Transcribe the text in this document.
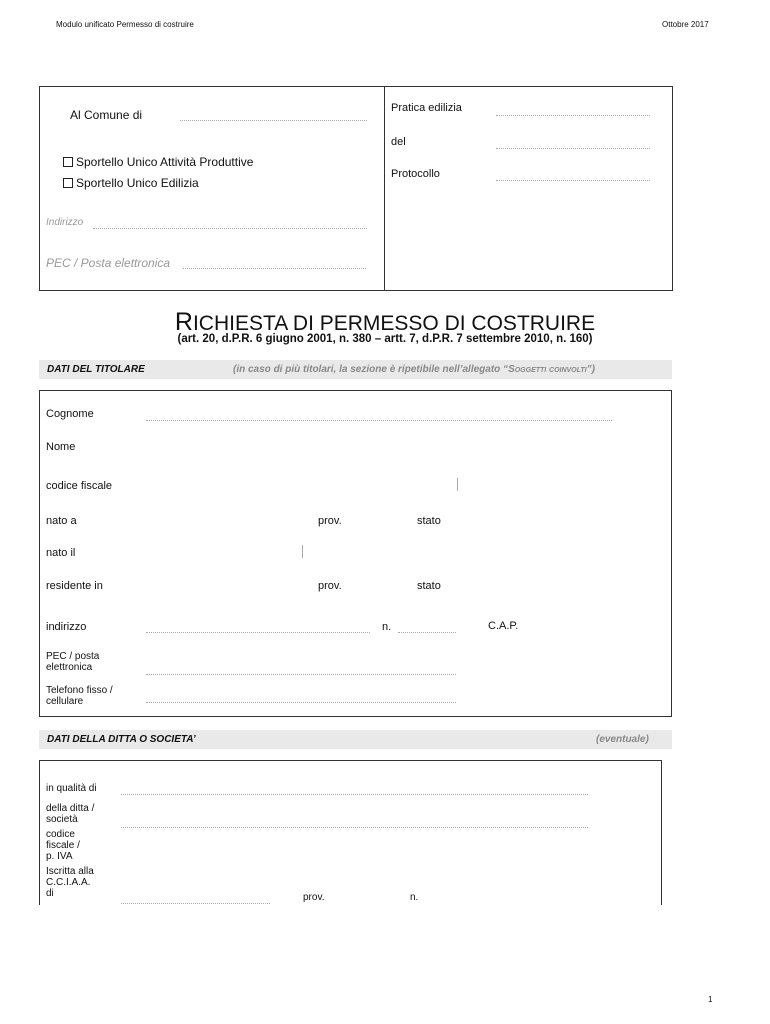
Modulo unificato Permesso di costruire	Ottobre 2017
Al Comune di
Sportello Unico Attività Produttive
Sportello Unico Edilizia
Indirizzo
PEC / Posta elettronica
Pratica edilizia
del
Protocollo
RICHIESTA DI PERMESSO DI COSTRUIRE
(art. 20, d.P.R. 6 giugno 2001, n. 380 – artt. 7, d.P.R. 7 settembre 2010, n. 160)
DATI DEL TITOLARE	(in caso di più titolari, la sezione è ripetibile nell’allegato “Soggetti coinvolti”)
Cognome
Nome
codice fiscale
nato a	prov.	stato
nato il
residente in	prov.	stato
indirizzo	n.	C.A.P.
PEC / posta
elettronica
Telefono fisso /
cellulare
DATI DELLA DITTA O SOCIETA’	(eventuale)
in qualità di
della ditta /
società
codice
fiscale /
p. IVA
Iscritta alla
C.C.I.A.A.
di	prov.	n.
1
